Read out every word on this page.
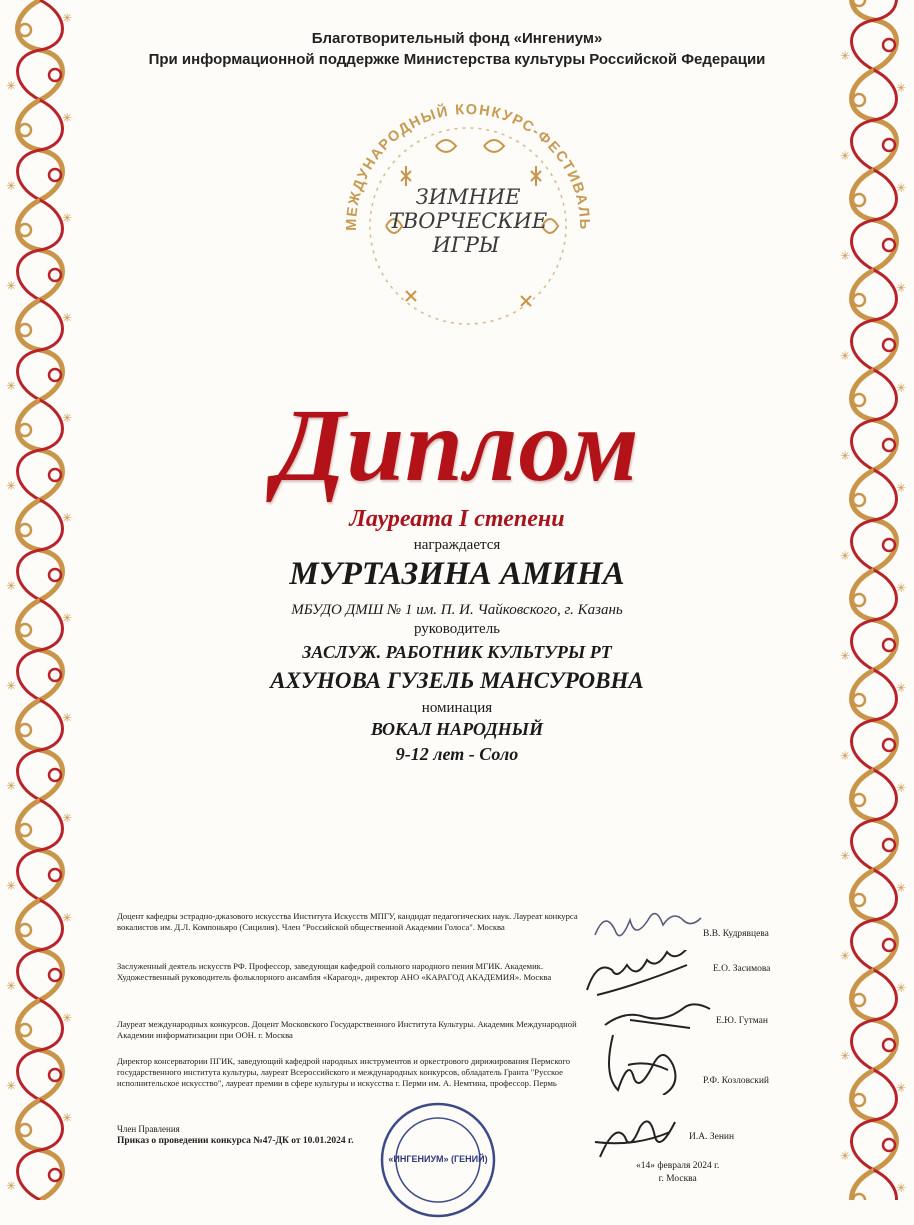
Благотворительный фонд «Ингениум»
При информационной поддержке Министерства культуры Российской Федерации
МЕЖДУНАРОДНЫЙ КОНКУРС-ФЕСТИВАЛЬ
ЗИМНИЕ
ТВОРЧЕСКИЕ
ИГРЫ
Диплом
Лауреата I степени
награждается
МУРТАЗИНА АМИНА
МБУДО ДМШ № 1 им. П. И. Чайковского, г. Казань
руководитель
ЗАСЛУЖ. РАБОТНИК КУЛЬТУРЫ РТ
АХУНОВА ГУЗЕЛЬ МАНСУРОВНА
номинация
ВОКАЛ НАРОДНЫЙ
9-12 лет - Соло
Доцент кафедры эстрадно-джазового искусства Института Искусств МПГУ, кандидат педагогических наук. Лауреат конкурса вокалистов им. Д.Л. Компоньяро (Сицилия). Член "Российской общественной Академии Голоса". Москва
В.В. Кудрявцева
Заслуженный деятель искусств РФ. Профессор, заведующая кафедрой сольного народного пения МГИК. Академик. Художественный руководитель фольклорного ансамбля «Карагод», директор АНО «КАРАГОД АКАДЕМИЯ». Москва
Е.О. Засимова
Лауреат международных конкурсов. Доцент Московского Государственного Института Культуры. Академик Международной Академии информатизации при ООН. г. Москва
Е.Ю. Гутман
Директор консерватории ПГИК, заведующий кафедрой народных инструментов и оркестрового дирижирования Пермского государственного института культуры, лауреат Всероссийского и международных конкурсов, обладатель Гранта "Русское исполнительское искусство", лауреат премии в сфере культуры и искусства г. Перми им. А. Немтина, профессор. Пермь	Р.Ф. Козловский
Член Правления
Приказ о проведении конкурса №47-ДК от 10.01.2024 г.	И.А. Зенин
«ИНГЕНИУМ» (ГЕНИЙ)
«14» февраля 2024 г.
г. Москва
